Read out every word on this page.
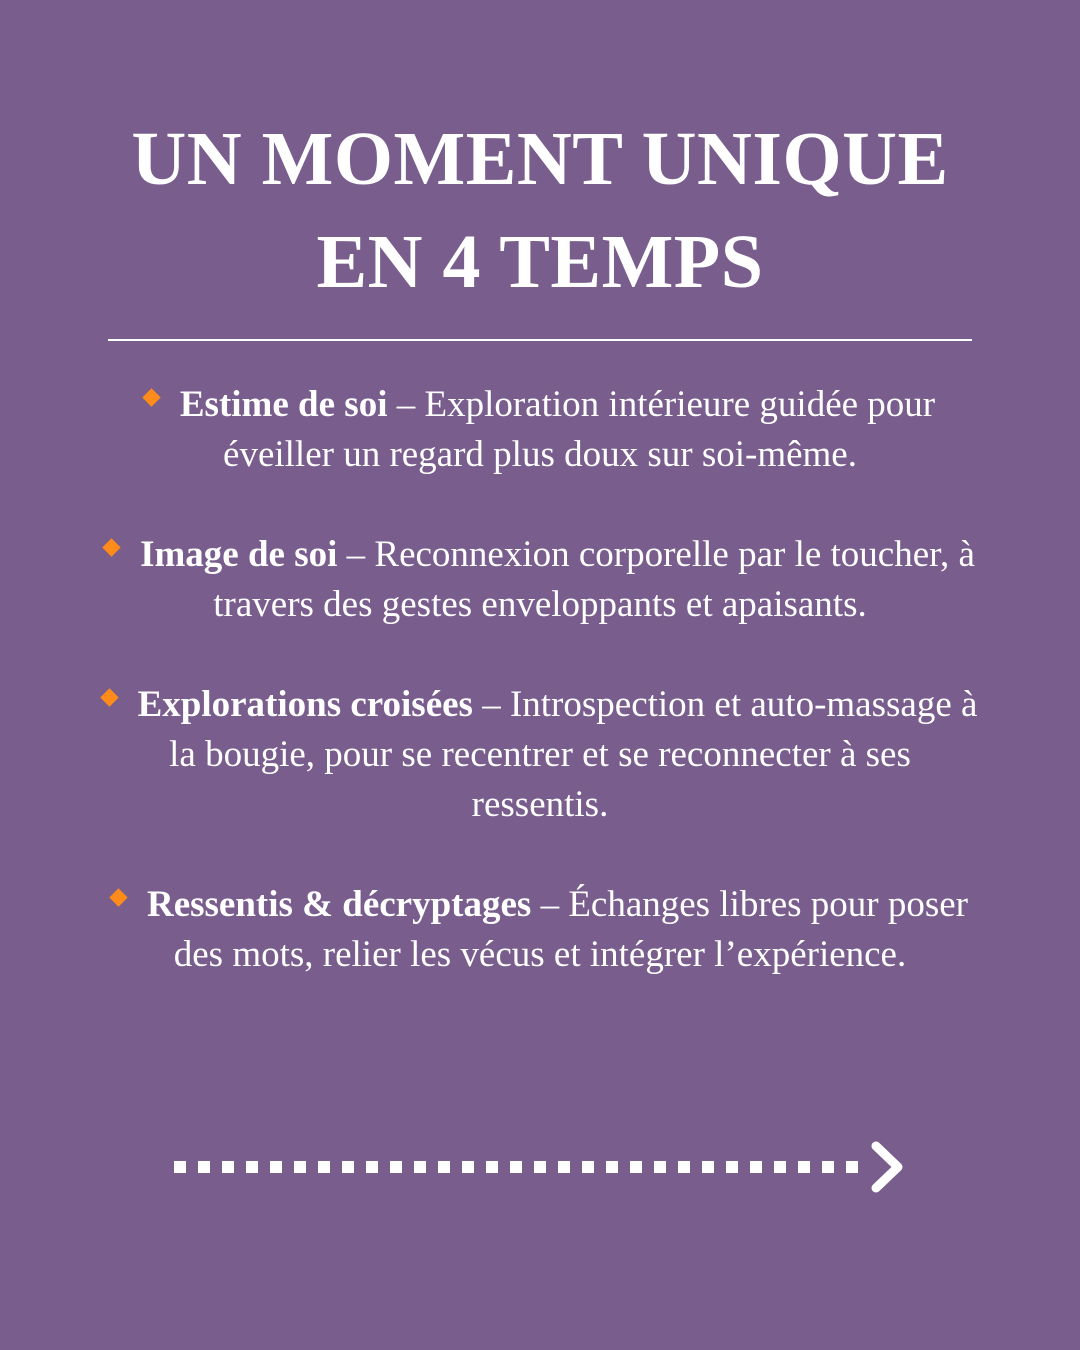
UN MOMENT UNIQUE
EN 4 TEMPS

Estime de soi – Exploration intérieure guidée pour éveiller un regard plus doux sur soi-même.

Image de soi – Reconnexion corporelle par le toucher, à travers des gestes enveloppants et apaisants.

Explorations croisées – Introspection et auto-massage à la bougie, pour se recentrer et se reconnecter à ses ressentis.

Ressentis & décryptages – Échanges libres pour poser des mots, relier les vécus et intégrer l’expérience.
